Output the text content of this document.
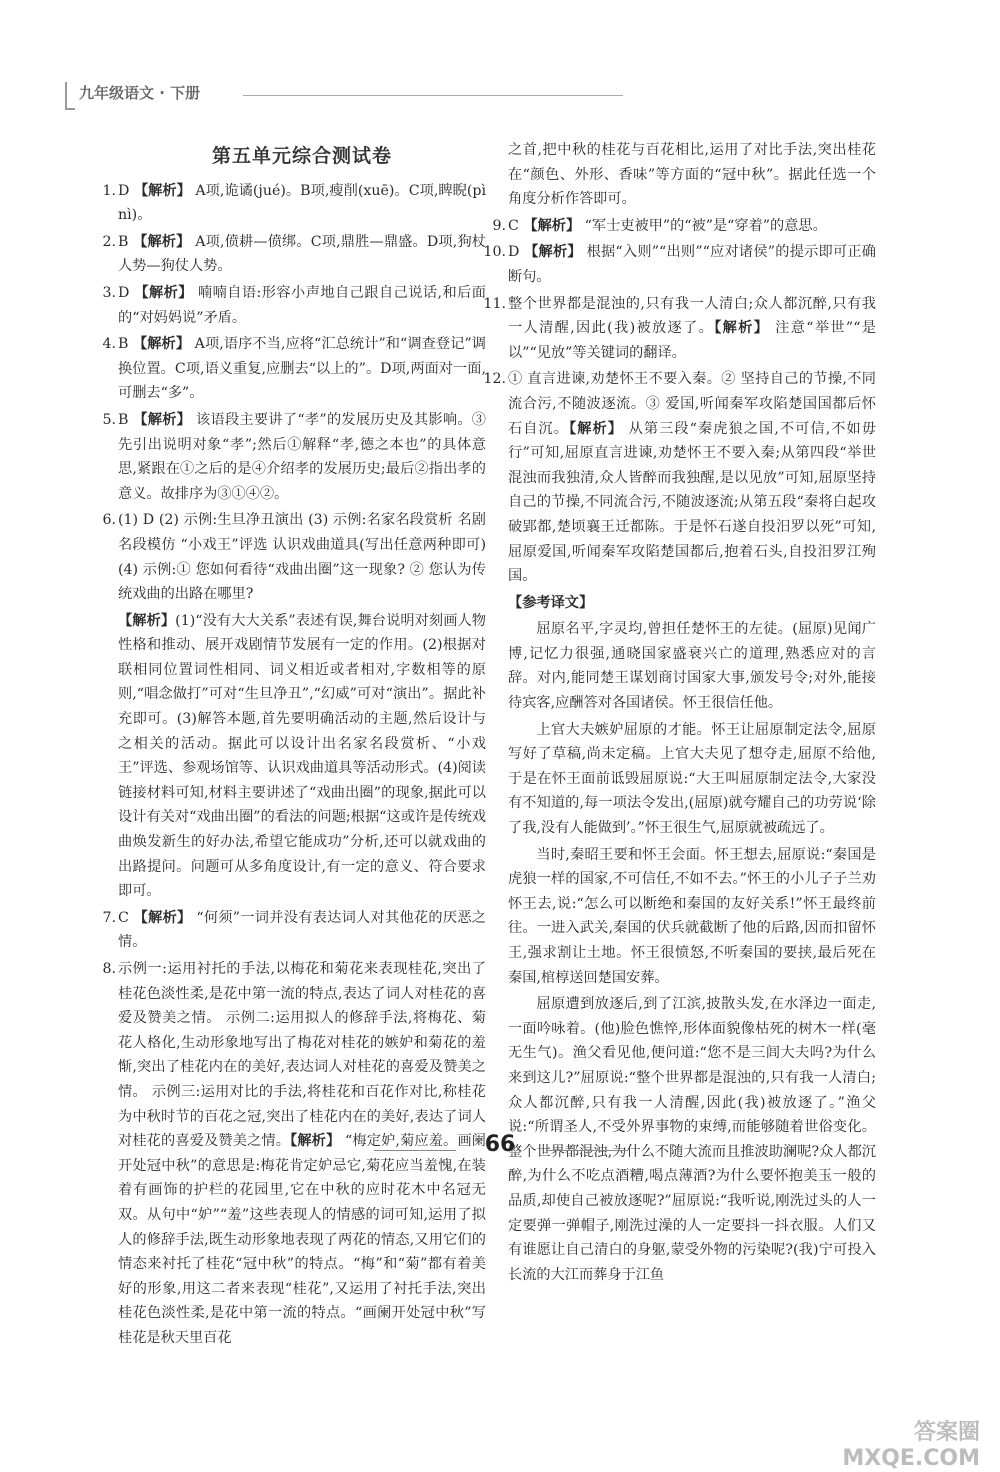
九年级语文 · 下册
第五单元综合测试卷
1. D 【解析】 A项,诡谲(jué)。B项,瘦削(xuē)。C项,睥睨(pì nì)。
2. B 【解析】 A项,偾耕—偾绑。C项,鼎胜—鼎盛。D项,狗杖人势—狗仗人势。
3. D 【解析】 喃喃自语:形容小声地自己跟自己说话,和后面的“对妈妈说”矛盾。
4. B 【解析】 A项,语序不当,应将“汇总统计”和“调查登记”调换位置。C项,语义重复,应删去“以上的”。D项,两面对一面,可删去“多”。
5. B 【解析】 该语段主要讲了“孝”的发展历史及其影响。③先引出说明对象“孝”;然后①解释“孝,德之本也”的具体意思,紧跟在①之后的是④介绍孝的发展历史;最后②指出孝的意义。故排序为③①④②。
6. (1) D (2) 示例:生旦净丑演出 (3) 示例:名家名段赏析 名剧名段模仿 “小戏王”评选 认识戏曲道具(写出任意两种即可) (4) 示例:① 您如何看待“戏曲出圈”这一现象? ② 您认为传统戏曲的出路在哪里?
【解析】(1)“没有大大关系”表述有误,舞台说明对刻画人物性格和推动、展开戏剧情节发展有一定的作用。(2)根据对联相同位置词性相同、词义相近或者相对,字数相等的原则,“唱念做打”可对“生旦净丑”,“幻威”可对“演出”。据此补充即可。(3)解答本题,首先要明确活动的主题,然后设计与之相关的活动。据此可以设计出名家名段赏析、“小戏王”评选、参观场馆等、认识戏曲道具等活动形式。(4)阅读链接材料可知,材料主要讲述了“戏曲出圈”的现象,据此可以设计有关对“戏曲出圈”的看法的问题;根据“这或许是传统戏曲焕发新生的好办法,希望它能成功”分析,还可以就戏曲的出路提问。问题可从多角度设计,有一定的意义、符合要求即可。
7. C 【解析】 “何须”一词并没有表达词人对其他花的厌恶之情。
8. 示例一:运用衬托的手法,以梅花和菊花来表现桂花,突出了桂花色淡性柔,是花中第一流的特点,表达了词人对桂花的喜爱及赞美之情。 示例二:运用拟人的修辞手法,将梅花、菊花人格化,生动形象地写出了梅花对桂花的嫉妒和菊花的羞惭,突出了桂花内在的美好,表达词人对桂花的喜爱及赞美之情。 示例三:运用对比的手法,将桂花和百花作对比,称桂花为中秋时节的百花之冠,突出了桂花内在的美好,表达了词人对桂花的喜爱及赞美之情。【解析】 “梅定妒,菊应羞。画阑开处冠中秋”的意思是:梅花肯定妒忌它,菊花应当羞愧,在装着有画饰的护栏的花园里,它在中秋的应时花木中名冠无双。从句中“妒”“羞”这些表现人的情感的词可知,运用了拟人的修辞手法,既生动形象地表现了两花的情态,又用它们的情态来衬托了桂花“冠中秋”的特点。“梅”和“菊”都有着美好的形象,用这二者来表现“桂花”,又运用了衬托手法,突出桂花色淡性柔,是花中第一流的特点。“画阑开处冠中秋”写桂花是秋天里百花
之首,把中秋的桂花与百花相比,运用了对比手法,突出桂花在“颜色、外形、香味”等方面的“冠中秋”。据此任选一个角度分析作答即可。
9. C 【解析】 “军士吏被甲”的“被”是“穿着”的意思。
10. D 【解析】 根据“入则”“出则”“应对诸侯”的提示即可正确断句。
11. 整个世界都是混浊的,只有我一人清白;众人都沉醉,只有我一人清醒,因此(我)被放逐了。【解析】 注意“举世”“是以”“见放”等关键词的翻译。
12. ① 直言进谏,劝楚怀王不要入秦。② 坚持自己的节操,不同流合污,不随波逐流。③ 爱国,听闻秦军攻陷楚国国都后怀石自沉。【解析】 从第三段“秦虎狼之国,不可信,不如毋行”可知,屈原直言进谏,劝楚怀王不要入秦;从第四段“举世混浊而我独清,众人皆醉而我独醒,是以见放”可知,屈原坚持自己的节操,不同流合污,不随波逐流;从第五段“秦将白起攻破郢都,楚顷襄王迁都陈。于是怀石遂自投汨罗以死”可知,屈原爱国,听闻秦军攻陷楚国都后,抱着石头,自投汨罗江殉国。
【参考译文】
屈原名平,字灵均,曾担任楚怀王的左徒。(屈原)见闻广博,记忆力很强,通晓国家盛衰兴亡的道理,熟悉应对的言辞。对内,能同楚王谋划商讨国家大事,颁发号令;对外,能接待宾客,应酬答对各国诸侯。怀王很信任他。
上官大夫嫉妒屈原的才能。怀王让屈原制定法令,屈原写好了草稿,尚未定稿。上官大夫见了想夺走,屈原不给他,于是在怀王面前诋毁屈原说:“大王叫屈原制定法令,大家没有不知道的,每一项法令发出,(屈原)就夸耀自己的功劳说‘除了我,没有人能做到’。”怀王很生气,屈原就被疏远了。
当时,秦昭王要和怀王会面。怀王想去,屈原说:“秦国是虎狼一样的国家,不可信任,不如不去。”怀王的小儿子子兰劝怀王去,说:“怎么可以断绝和秦国的友好关系!”怀王最终前往。一进入武关,秦国的伏兵就截断了他的后路,因而扣留怀王,强求割让土地。怀王很愤怒,不听秦国的要挟,最后死在秦国,棺椁送回楚国安葬。
屈原遭到放逐后,到了江滨,披散头发,在水泽边一面走,一面吟咏着。(他)脸色憔悴,形体面貌像枯死的树木一样(毫无生气)。渔父看见他,便问道:“您不是三闾大夫吗?为什么来到这儿?”屈原说:“整个世界都是混浊的,只有我一人清白;众人都沉醉,只有我一人清醒,因此(我)被放逐了。”渔父说:“所谓圣人,不受外界事物的束缚,而能够随着世俗变化。整个世界都混浊,为什么不随大流而且推波助澜呢?众人都沉醉,为什么不吃点酒糟,喝点薄酒?为什么要怀抱美玉一般的品质,却使自己被放逐呢?”屈原说:“我听说,刚洗过头的人一定要弹一弹帽子,刚洗过澡的人一定要抖一抖衣服。人们又有谁愿让自己清白的身躯,蒙受外物的污染呢?(我)宁可投入长流的大江而葬身于江鱼
66
答案圈
MXQE.COM
